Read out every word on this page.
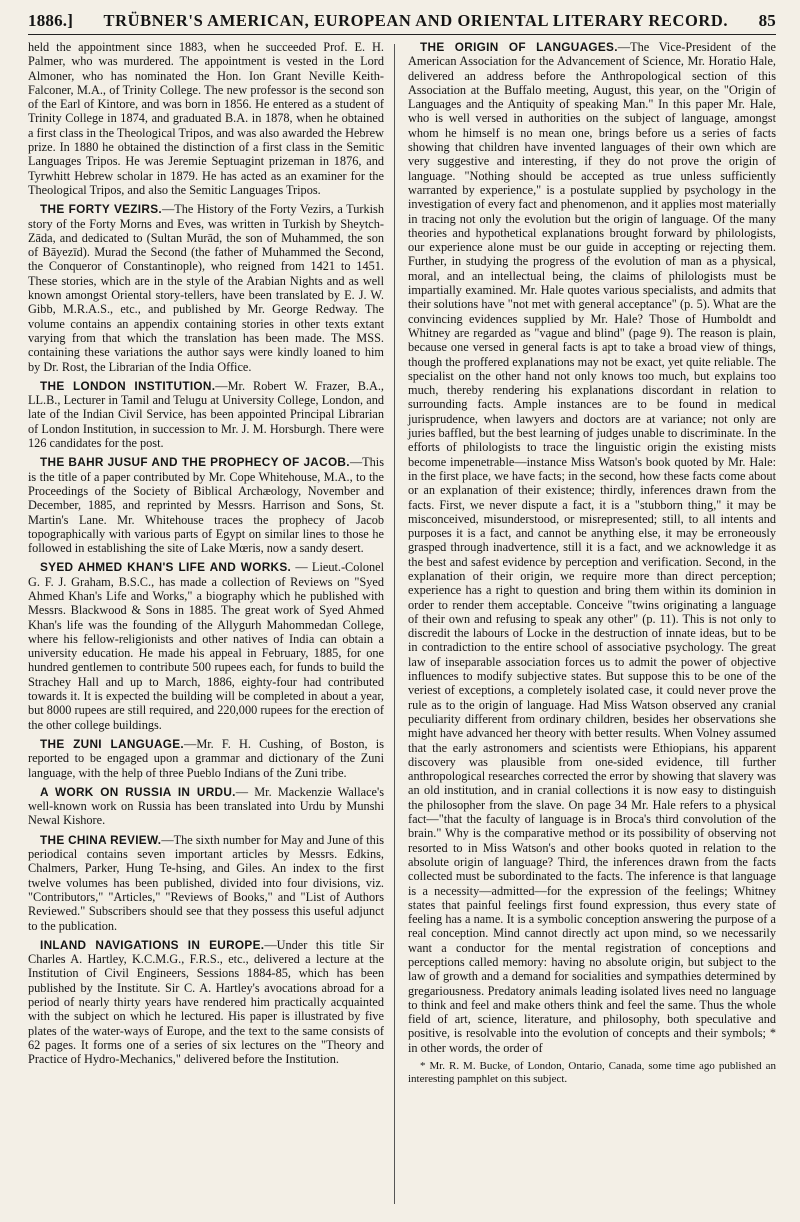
1886.] TRÜBNER'S AMERICAN, EUROPEAN AND ORIENTAL LITERARY RECORD. 85

held the appointment since 1883, when he succeeded Prof. E. H. Palmer, who was murdered. The appointment is vested in the Lord Almoner, who has nominated the Hon. Ion Grant Neville Keith-Falconer, M.A., of Trinity College. The new professor is the second son of the Earl of Kintore, and was born in 1856. He entered as a student of Trinity College in 1874, and graduated B.A. in 1878, when he obtained a first class in the Theological Tripos, and was also awarded the Hebrew prize. In 1880 he obtained the distinction of a first class in the Semitic Languages Tripos. He was Jeremie Septuagint prizeman in 1876, and Tyrwhitt Hebrew scholar in 1879. He has acted as an examiner for the Theological Tripos, and also the Semitic Languages Tripos.

THE FORTY VEZIRS.—The History of the Forty Vezirs, a Turkish story of the Forty Morns and Eves, was written in Turkish by Sheytch-Zāda, and dedicated to (Sultan Murād, the son of Muhammed, the son of Bāyezīd). Murad the Second (the father of Muhammed the Second, the Conqueror of Constantinople), who reigned from 1421 to 1451. These stories, which are in the style of the Arabian Nights and as well known amongst Oriental story-tellers, have been translated by E. J. W. Gibb, M.R.A.S., etc., and published by Mr. George Redway. The volume contains an appendix containing stories in other texts extant varying from that which the translation has been made. The MSS. containing these variations the author says were kindly loaned to him by Dr. Rost, the Librarian of the India Office.

THE LONDON INSTITUTION.—Mr. Robert W. Frazer, B.A., LL.B., Lecturer in Tamil and Telugu at University College, London, and late of the Indian Civil Service, has been appointed Principal Librarian of London Institution, in succession to Mr. J. M. Horsburgh. There were 126 candidates for the post.

THE BAHR JUSUF AND THE PROPHECY OF JACOB.—This is the title of a paper contributed by Mr. Cope Whitehouse, M.A., to the Proceedings of the Society of Biblical Archæology, November and December, 1885, and reprinted by Messrs. Harrison and Sons, St. Martin's Lane. Mr. Whitehouse traces the prophecy of Jacob topographically with various parts of Egypt on similar lines to those he followed in establishing the site of Lake Mœris, now a sandy desert.

SYED AHMED KHAN'S LIFE AND WORKS. — Lieut.-Colonel G. F. J. Graham, B.S.C., has made a collection of Reviews on "Syed Ahmed Khan's Life and Works," a biography which he published with Messrs. Blackwood & Sons in 1885. The great work of Syed Ahmed Khan's life was the founding of the Allygurh Mahommedan College, where his fellow-religionists and other natives of India can obtain a university education. He made his appeal in February, 1885, for one hundred gentlemen to contribute 500 rupees each, for funds to build the Strachey Hall and up to March, 1886, eighty-four had contributed towards it. It is expected the building will be completed in about a year, but 8000 rupees are still required, and 220,000 rupees for the erection of the other college buildings.

THE ZUNI LANGUAGE.—Mr. F. H. Cushing, of Boston, is reported to be engaged upon a grammar and dictionary of the Zuni language, with the help of three Pueblo Indians of the Zuni tribe.

A WORK ON RUSSIA IN URDU.— Mr. Mackenzie Wallace's well-known work on Russia has been translated into Urdu by Munshi Newal Kishore.

THE CHINA REVIEW.—The sixth number for May and June of this periodical contains seven important articles by Messrs. Edkins, Chalmers, Parker, Hung Te-hsing, and Giles. An index to the first twelve volumes has been published, divided into four divisions, viz. "Contributors," "Articles," "Reviews of Books," and "List of Authors Reviewed." Subscribers should see that they possess this useful adjunct to the publication.

INLAND NAVIGATIONS IN EUROPE.—Under this title Sir Charles A. Hartley, K.C.M.G., F.R.S., etc., delivered a lecture at the Institution of Civil Engineers, Sessions 1884-85, which has been published by the Institute. Sir C. A. Hartley's avocations abroad for a period of nearly thirty years have rendered him practically acquainted with the subject on which he lectured. His paper is illustrated by five plates of the water-ways of Europe, and the text to the same consists of 62 pages. It forms one of a series of six lectures on the "Theory and Practice of Hydro-Mechanics," delivered before the Institution.

THE ORIGIN OF LANGUAGES.—The Vice-President of the American Association for the Advancement of Science, Mr. Horatio Hale, delivered an address before the Anthropological section of this Association at the Buffalo meeting, August, this year, on the "Origin of Languages and the Antiquity of speaking Man." In this paper Mr. Hale, who is well versed in authorities on the subject of language, amongst whom he himself is no mean one, brings before us a series of facts showing that children have invented languages of their own which are very suggestive and interesting, if they do not prove the origin of language. "Nothing should be accepted as true unless sufficiently warranted by experience," is a postulate supplied by psychology in the investigation of every fact and phenomenon, and it applies most materially in tracing not only the evolution but the origin of language. Of the many theories and hypothetical explanations brought forward by philologists, our experience alone must be our guide in accepting or rejecting them. Further, in studying the progress of the evolution of man as a physical, moral, and an intellectual being, the claims of philologists must be impartially examined. Mr. Hale quotes various specialists, and admits that their solutions have "not met with general acceptance" (p. 5). What are the convincing evidences supplied by Mr. Hale? Those of Humboldt and Whitney are regarded as "vague and blind" (page 9). The reason is plain, because one versed in general facts is apt to take a broad view of things, though the proffered explanations may not be exact, yet quite reliable. The specialist on the other hand not only knows too much, but explains too much, thereby rendering his explanations discordant in relation to surrounding facts. Ample instances are to be found in medical jurisprudence, when lawyers and doctors are at variance; not only are juries baffled, but the best learning of judges unable to discriminate. In the efforts of philologists to trace the linguistic origin the existing mists become impenetrable—instance Miss Watson's book quoted by Mr. Hale: in the first place, we have facts; in the second, how these facts come about or an explanation of their existence; thirdly, inferences drawn from the facts. First, we never dispute a fact, it is a "stubborn thing," it may be misconceived, misunderstood, or misrepresented; still, to all intents and purposes it is a fact, and cannot be anything else, it may be erroneously grasped through inadvertence, still it is a fact, and we acknowledge it as the best and safest evidence by perception and verification. Second, in the explanation of their origin, we require more than direct perception; experience has a right to question and bring them within its dominion in order to render them acceptable. Conceive "twins originating a language of their own and refusing to speak any other" (p. 11). This is not only to discredit the labours of Locke in the destruction of innate ideas, but to be in contradiction to the entire school of associative psychology. The great law of inseparable association forces us to admit the power of objective influences to modify subjective states. But suppose this to be one of the veriest of exceptions, a completely isolated case, it could never prove the rule as to the origin of language. Had Miss Watson observed any cranial peculiarity different from ordinary children, besides her observations she might have advanced her theory with better results. When Volney assumed that the early astronomers and scientists were Ethiopians, his apparent discovery was plausible from one-sided evidence, till further anthropological researches corrected the error by showing that slavery was an old institution, and in cranial collections it is now easy to distinguish the philosopher from the slave. On page 34 Mr. Hale refers to a physical fact—"that the faculty of language is in Broca's third convolution of the brain." Why is the comparative method or its possibility of observing not resorted to in Miss Watson's and other books quoted in relation to the absolute origin of language? Third, the inferences drawn from the facts collected must be subordinated to the facts. The inference is that language is a necessity—admitted—for the expression of the feelings; Whitney states that painful feelings first found expression, thus every state of feeling has a name. It is a symbolic conception answering the purpose of a real conception. Mind cannot directly act upon mind, so we necessarily want a conductor for the mental registration of conceptions and perceptions called memory: having no absolute origin, but subject to the law of growth and a demand for socialities and sympathies determined by gregariousness. Predatory animals leading isolated lives need no language to think and feel and make others think and feel the same. Thus the whole field of art, science, literature, and philosophy, both speculative and positive, is resolvable into the evolution of concepts and their symbols; * in other words, the order of

* Mr. R. M. Bucke, of London, Ontario, Canada, some time ago published an interesting pamphlet on this subject.
